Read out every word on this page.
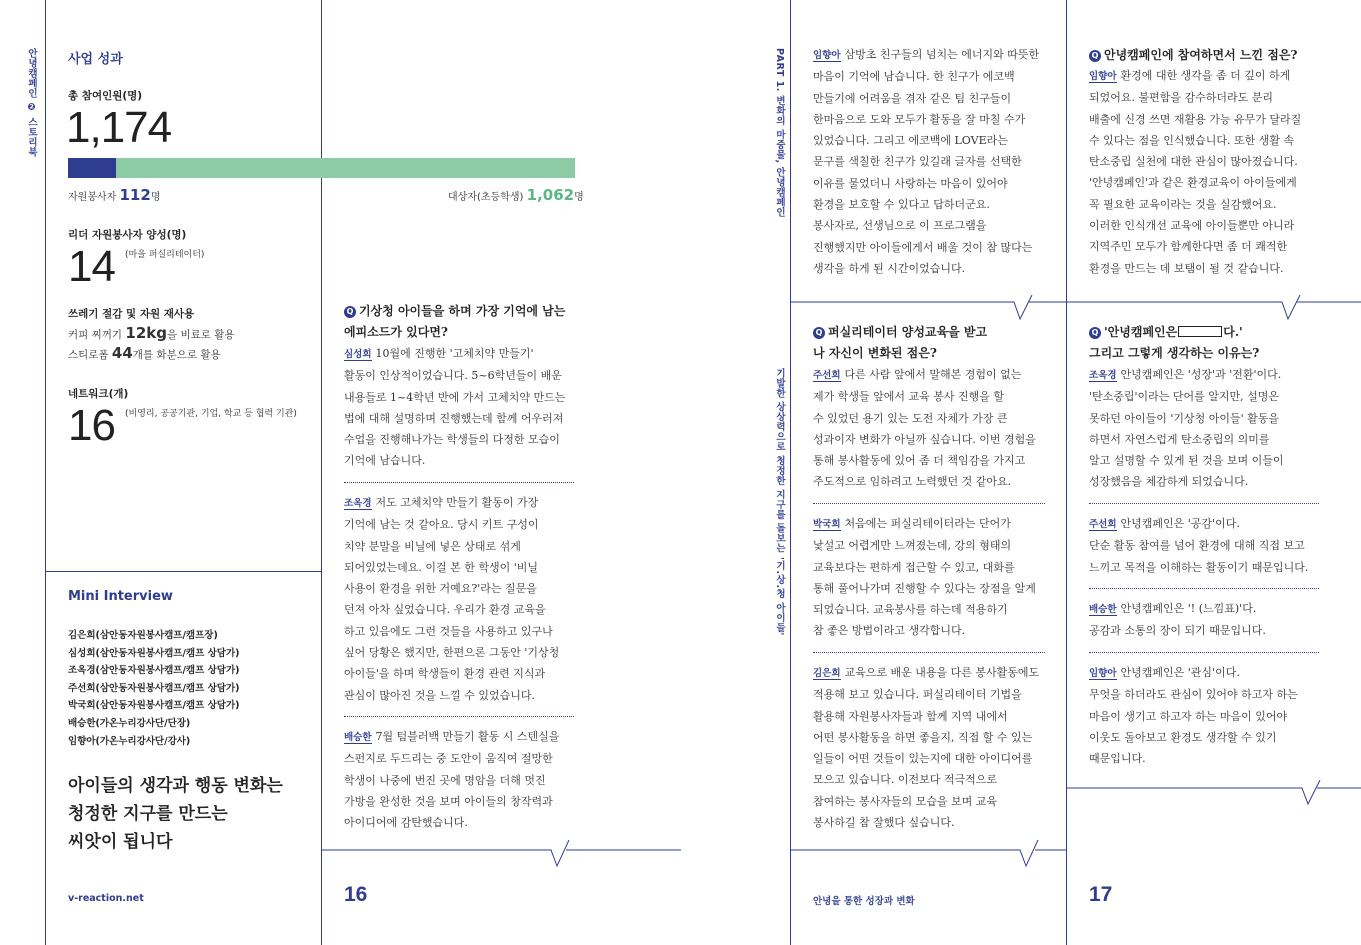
안녕캠페인 ❷ 스토리북 사업 성과
총 참여인원(명)
1,174
자원봉사자 112명	대상자(초등학생) 1,062명
리더 자원봉사자 양성(명)
14 (마을 퍼실리테이터)
쓰레기 절감 및 자원 재사용
커피 찌꺼기 12kg을 비료로 활용
스티로폼 44개를 화분으로 활용
네트워크(개)
16 (비영리, 공공기관, 기업, 학교 등 협력 기관)
Mini Interview
김은희(삼안동자원봉사캠프/캠프장)
심성희(삼안동자원봉사캠프/캠프 상담가)
조옥경(삼안동자원봉사캠프/캠프 상담가)
주선희(삼안동자원봉사캠프/캠프 상담가)
박국희(삼안동자원봉사캠프/캠프 상담가)
배승한(가온누리강사단/단장)
임향아(가온누리강사단/강사)
아이들의 생각과 행동 변화는
청정한 지구를 만드는
씨앗이 됩니다
v-reaction.net	16
Q 기상청 아이들을 하며 가장 기억에 남는
에피소드가 있다면?
심성희 10월에 진행한 '고체치약 만들기'
활동이 인상적이었습니다. 5~6학년들이 배운
내용들로 1~4학년 반에 가서 고체치약 만드는
법에 대해 설명하며 진행했는데 함께 어우러져
수업을 진행해나가는 학생들의 다정한 모습이
기억에 남습니다.
조옥경 저도 고체치약 만들기 활동이 가장
기억에 남는 것 같아요. 당시 키트 구성이
치약 분말을 비닐에 넣은 상태로 섞게
되어있었는데요. 이걸 본 한 학생이 '비닐
사용이 환경을 위한 거예요?'라는 질문을
던져 아차 싶었습니다. 우리가 환경 교육을
하고 있음에도 그런 것들을 사용하고 있구나
싶어 당황은 했지만, 한편으론 그동안 '기상청
아이들'을 하며 학생들이 환경 관련 지식과
관심이 많아진 것을 느낄 수 있었습니다.
배승한 7월 텀블러백 만들기 활동 시 스텐실을
스펀지로 두드리는 중 도안이 움직여 절망한
학생이 나중에 번진 곳에 명암을 더해 멋진
가방을 완성한 것을 보며 아이들의 창작력과
아이디어에 감탄했습니다.
PART 1. 변화의 마중물, 안녕캠페인
기발한 상상력으로 청정한 지구를 돌보는 '기.상.청 아이들'
임향아 삼방초 친구들의 넘치는 에너지와 따뜻한
마음이 기억에 남습니다. 한 친구가 에코백
만들기에 어려움을 겪자 같은 팀 친구들이
한마음으로 도와 모두가 활동을 잘 마칠 수가
있었습니다. 그리고 에코백에 LOVE라는
문구를 색칠한 친구가 있길래 글자를 선택한
이유를 물었더니 사랑하는 마음이 있어야
환경을 보호할 수 있다고 답하더군요.
봉사자로, 선생님으로 이 프로그램을
진행했지만 아이들에게서 배울 것이 참 많다는
생각을 하게 된 시간이었습니다.
Q 퍼실리테이터 양성교육을 받고
나 자신이 변화된 점은?
주선희 다른 사람 앞에서 말해본 경험이 없는
제가 학생들 앞에서 교육 봉사 진행을 할
수 있었던 용기 있는 도전 자체가 가장 큰
성과이자 변화가 아닐까 싶습니다. 이번 경험을
통해 봉사활동에 있어 좀 더 책임감을 가지고
주도적으로 임하려고 노력했던 것 같아요.
박국희 처음에는 퍼실리테이터라는 단어가
낯설고 어렵게만 느껴졌는데, 강의 형태의
교육보다는 편하게 접근할 수 있고, 대화를
통해 풀어나가며 진행할 수 있다는 장점을 알게
되었습니다. 교육봉사를 하는데 적용하기
참 좋은 방법이라고 생각합니다.
김은희 교육으로 배운 내용을 다른 봉사활동에도
적용해 보고 있습니다. 퍼실리테이터 기법을
활용해 자원봉사자들과 함께 지역 내에서
어떤 봉사활동을 하면 좋을지, 직접 할 수 있는
일들이 어떤 것들이 있는지에 대한 아이디어를
모으고 있습니다. 이전보다 적극적으로
참여하는 봉사자들의 모습을 보며 교육
봉사하길 참 잘했다 싶습니다.
안녕을 통한 성장과 변화	17
Q 안녕캠페인에 참여하면서 느낀 점은?
임향아 환경에 대한 생각을 좀 더 깊이 하게
되었어요. 불편함을 감수하더라도 분리
배출에 신경 쓰면 재활용 가능 유무가 달라질
수 있다는 점을 인식했습니다. 또한 생활 속
탄소중립 실천에 대한 관심이 많아졌습니다.
'안녕캠페인'과 같은 환경교육이 아이들에게
꼭 필요한 교육이라는 것을 실감했어요.
이러한 인식개선 교육에 아이들뿐만 아니라
지역주민 모두가 함께한다면 좀 더 쾌적한
환경을 만드는 데 보탬이 될 것 같습니다.
Q '안녕캠페인은	다.'
그리고 그렇게 생각하는 이유는?
조옥경 안녕캠페인은 '성장'과 '전환'이다.
'탄소중립'이라는 단어를 알지만, 설명은
못하던 아이들이 '기상청 아이들' 활동을
하면서 자연스럽게 탄소중립의 의미를
알고 설명할 수 있게 된 것을 보며 이들이
성장했음을 체감하게 되었습니다.
주선희 안녕캠페인은 '공감'이다.
단순 활동 참여를 넘어 환경에 대해 직접 보고
느끼고 목적을 이해하는 활동이기 때문입니다.
배승한 안녕캠페인은 '! (느낌표)'다.
공감과 소통의 장이 되기 때문입니다.
임향아 안녕캠페인은 '관심'이다.
무엇을 하더라도 관심이 있어야 하고자 하는
마음이 생기고 하고자 하는 마음이 있어야
이웃도 돌아보고 환경도 생각할 수 있기
때문입니다.
